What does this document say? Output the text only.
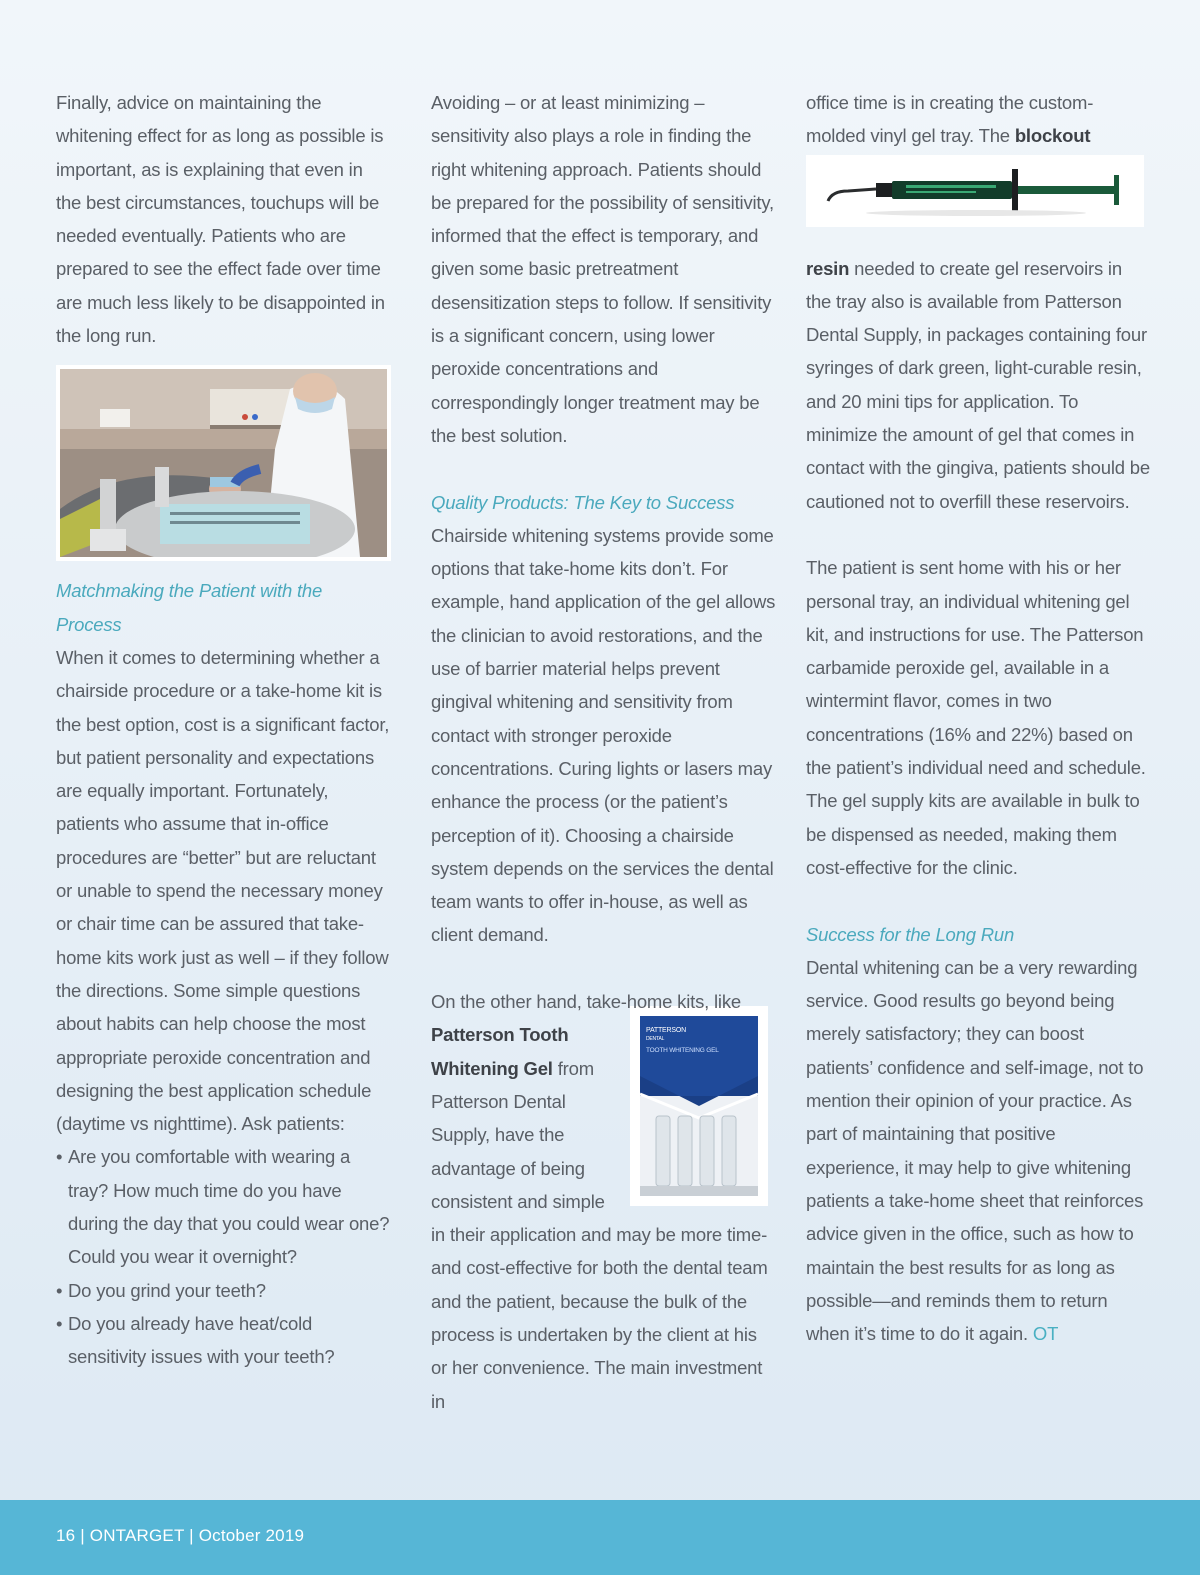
Finally, advice on maintaining the whitening effect for as long as possible is important, as is explaining that even in the best circumstances, touchups will be needed eventually. Patients who are prepared to see the effect fade over time are much less likely to be disappointed in the long run.

Matchmaking the Patient with the Process

When it comes to determining whether a chairside procedure or a take-home kit is the best option, cost is a significant factor, but patient personality and expectations are equally important. Fortunately, patients who assume that in-office procedures are “better” but are reluctant or unable to spend the necessary money or chair time can be assured that take-home kits work just as well – if they follow the directions. Some simple questions about habits can help choose the most appropriate peroxide concentration and designing the best application schedule (daytime vs nighttime). Ask patients:

• Are you comfortable with wearing a tray? How much time do you have during the day that you could wear one? Could you wear it overnight?
• Do you grind your teeth?
• Do you already have heat/cold sensitivity issues with your teeth?

Avoiding – or at least minimizing – sensitivity also plays a role in finding the right whitening approach. Patients should be prepared for the possibility of sensitivity, informed that the effect is temporary, and given some basic pretreatment desensitization steps to follow. If sensitivity is a significant concern, using lower peroxide concentrations and correspondingly longer treatment may be the best solution.

Quality Products: The Key to Success

Chairside whitening systems provide some options that take-home kits don’t. For example, hand application of the gel allows the clinician to avoid restorations, and the use of barrier material helps prevent gingival whitening and sensitivity from contact with stronger peroxide concentrations. Curing lights or lasers may enhance the process (or the patient’s perception of it). Choosing a chairside system depends on the services the dental team wants to offer in-house, as well as client demand.

On the other hand, take-home kits, like
PATTERSON
DENTAL
TOOTH WHITENING GEL
Patterson Tooth Whitening Gel from Patterson Dental Supply, have the advantage of being consistent and simple in their application and may be more time- and cost-effective for both the dental team and the patient, because the bulk of the process is undertaken by the client at his or her convenience. The main investment in

office time is in creating the custom-molded vinyl gel tray. The blockout

resin needed to create gel reservoirs in the tray also is available from Patterson Dental Supply, in packages containing four syringes of dark green, light-curable resin, and 20 mini tips for application. To minimize the amount of gel that comes in contact with the gingiva, patients should be cautioned not to overfill these reservoirs.

The patient is sent home with his or her personal tray, an individual whitening gel kit, and instructions for use. The Patterson carbamide peroxide gel, available in a wintermint flavor, comes in two concentrations (16% and 22%) based on the patient’s individual need and schedule. The gel supply kits are available in bulk to be dispensed as needed, making them cost-effective for the clinic.

Success for the Long Run

Dental whitening can be a very rewarding service. Good results go beyond being merely satisfactory; they can boost patients’ confidence and self-image, not to mention their opinion of your practice. As part of maintaining that positive experience, it may help to give whitening patients a take-home sheet that reinforces advice given in the office, such as how to maintain the best results for as long as possible—and reminds them to return when it’s time to do it again. OT

16 | ONTARGET | October 2019
